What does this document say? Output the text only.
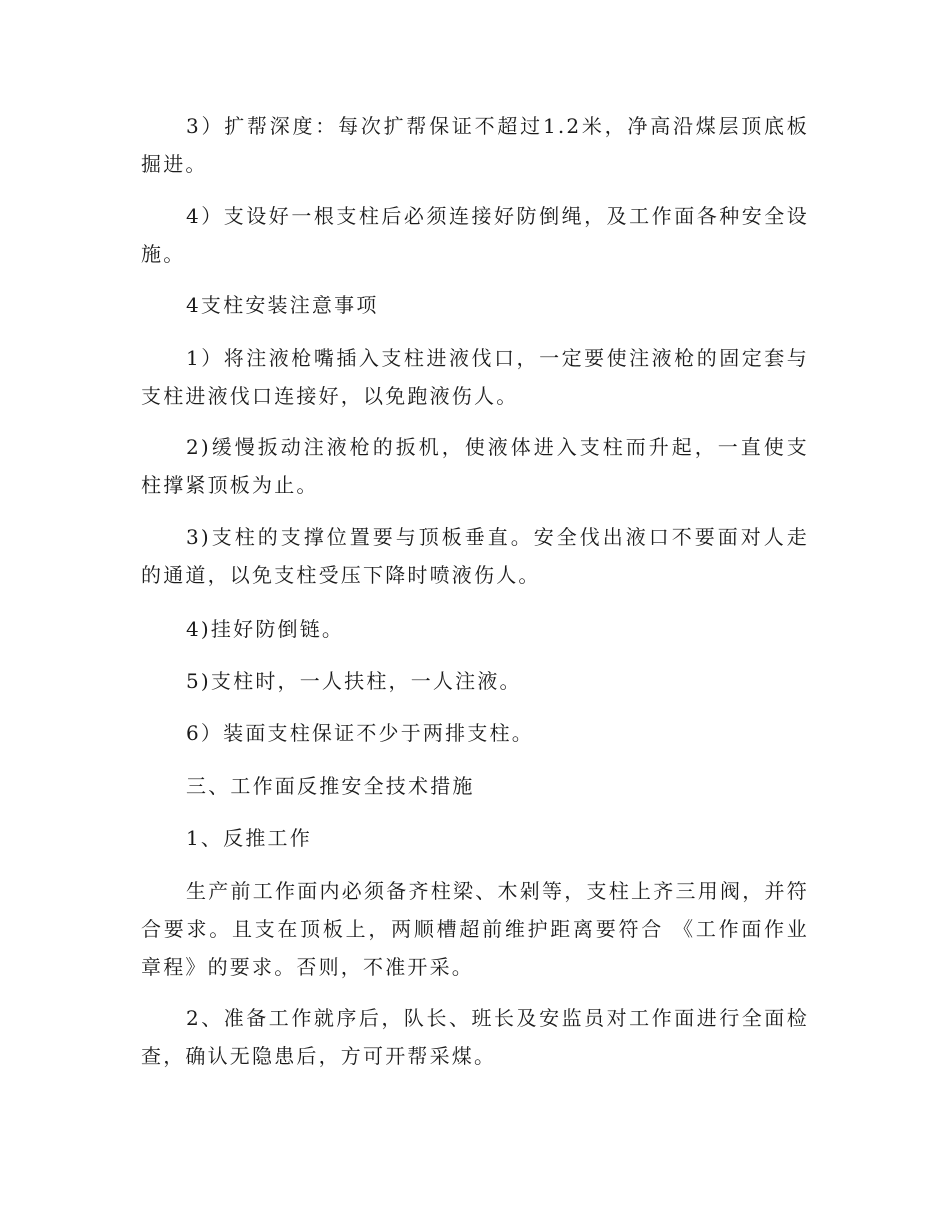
3）扩帮深度：每次扩帮保证不超过1.2米，净高沿煤层顶底板掘进。

4）支设好一根支柱后必须连接好防倒绳，及工作面各种安全设施。

4支柱安装注意事项

1）将注液枪嘴插入支柱进液伐口，一定要使注液枪的固定套与支柱进液伐口连接好，以免跑液伤人。

2)缓慢扳动注液枪的扳机，使液体进入支柱而升起，一直使支柱撑紧顶板为止。

3)支柱的支撑位置要与顶板垂直。安全伐出液口不要面对人走的通道，以免支柱受压下降时喷液伤人。

4)挂好防倒链。

5)支柱时，一人扶柱，一人注液。

6）装面支柱保证不少于两排支柱。

三、工作面反推安全技术措施

1、反推工作

生产前工作面内必须备齐柱梁、木剁等，支柱上齐三用阀，并符合要求。且支在顶板上，两顺槽超前维护距离要符合 《工作面作业章程》的要求。否则，不准开采。

2、准备工作就序后，队长、班长及安监员对工作面进行全面检查，确认无隐患后，方可开帮采煤。
